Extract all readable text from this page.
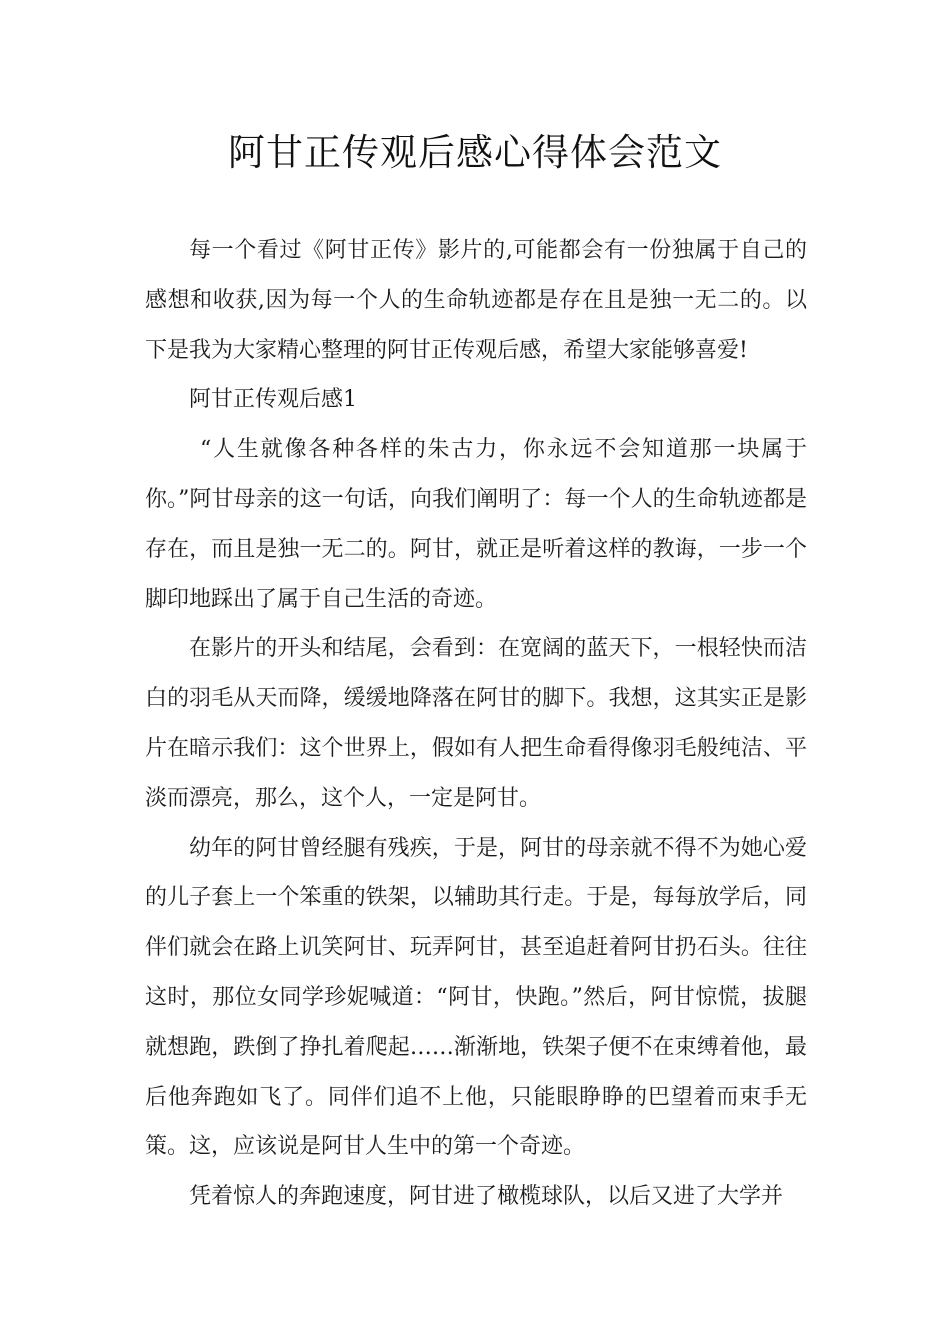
阿甘正传观后感心得体会范文

每一个看过《阿甘正传》影片的,可能都会有一份独属于自己的感想和收获,因为每一个人的生命轨迹都是存在且是独一无二的。以下是我为大家精心整理的阿甘正传观后感，希望大家能够喜爱!

阿甘正传观后感1

“人生就像各种各样的朱古力，你永远不会知道那一块属于你。”阿甘母亲的这一句话，向我们阐明了：每一个人的生命轨迹都是存在，而且是独一无二的。阿甘，就正是听着这样的教诲，一步一个脚印地踩出了属于自己生活的奇迹。

在影片的开头和结尾，会看到：在宽阔的蓝天下，一根轻快而洁白的羽毛从天而降，缓缓地降落在阿甘的脚下。我想，这其实正是影片在暗示我们：这个世界上，假如有人把生命看得像羽毛般纯洁、平淡而漂亮，那么，这个人，一定是阿甘。

幼年的阿甘曾经腿有残疾，于是，阿甘的母亲就不得不为她心爱的儿子套上一个笨重的铁架，以辅助其行走。于是，每每放学后，同伴们就会在路上讥笑阿甘、玩弄阿甘，甚至追赶着阿甘扔石头。往往这时，那位女同学珍妮喊道：“阿甘，快跑。”然后，阿甘惊慌，拔腿就想跑，跌倒了挣扎着爬起……渐渐地，铁架子便不在束缚着他，最后他奔跑如飞了。同伴们追不上他，只能眼睁睁的巴望着而束手无策。这，应该说是阿甘人生中的第一个奇迹。

凭着惊人的奔跑速度，阿甘进了橄榄球队，以后又进了大学并
